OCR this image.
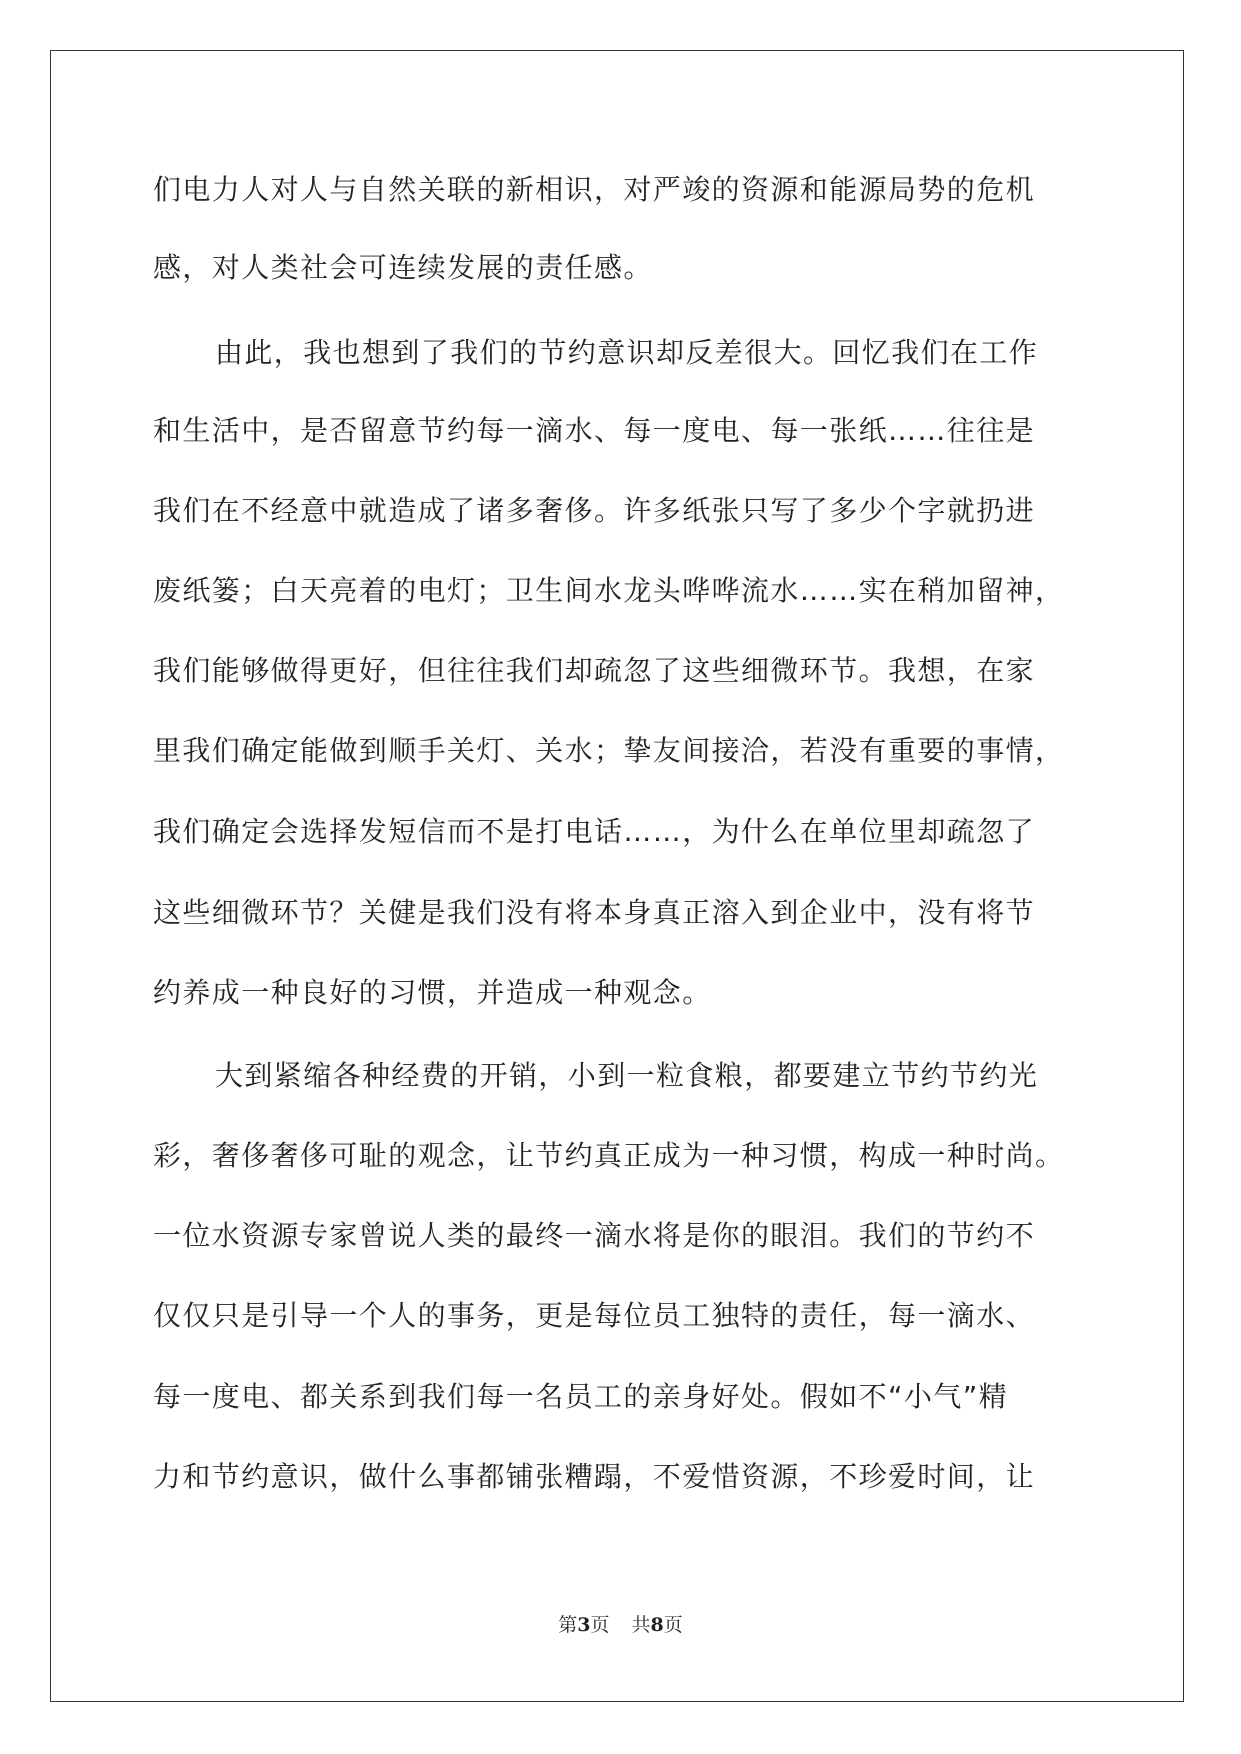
们电力人对人与自然关联的新相识，对严竣的资源和能源局势的危机
感，对人类社会可连续发展的责任感。
由此，我也想到了我们的节约意识却反差很大。回忆我们在工作
和生活中，是否留意节约每一滴水、每一度电、每一张纸……往往是
我们在不经意中就造成了诸多奢侈。许多纸张只写了多少个字就扔进
废纸篓；白天亮着的电灯；卫生间水龙头哗哗流水……实在稍加留神，
我们能够做得更好，但往往我们却疏忽了这些细微环节。我想，在家
里我们确定能做到顺手关灯、关水；挚友间接洽，若没有重要的事情，
我们确定会选择发短信而不是打电话……，为什么在单位里却疏忽了
这些细微环节？关健是我们没有将本身真正溶入到企业中，没有将节
约养成一种良好的习惯，并造成一种观念。
大到紧缩各种经费的开销，小到一粒食粮，都要建立节约节约光
彩，奢侈奢侈可耻的观念，让节约真正成为一种习惯，构成一种时尚。
一位水资源专家曾说人类的最终一滴水将是你的眼泪。我们的节约不
仅仅只是引导一个人的事务，更是每位员工独特的责任，每一滴水、
每一度电、都关系到我们每一名员工的亲身好处。假如不“小气”精
力和节约意识，做什么事都铺张糟蹋，不爱惜资源，不珍爱时间，让
第3页 共8页
